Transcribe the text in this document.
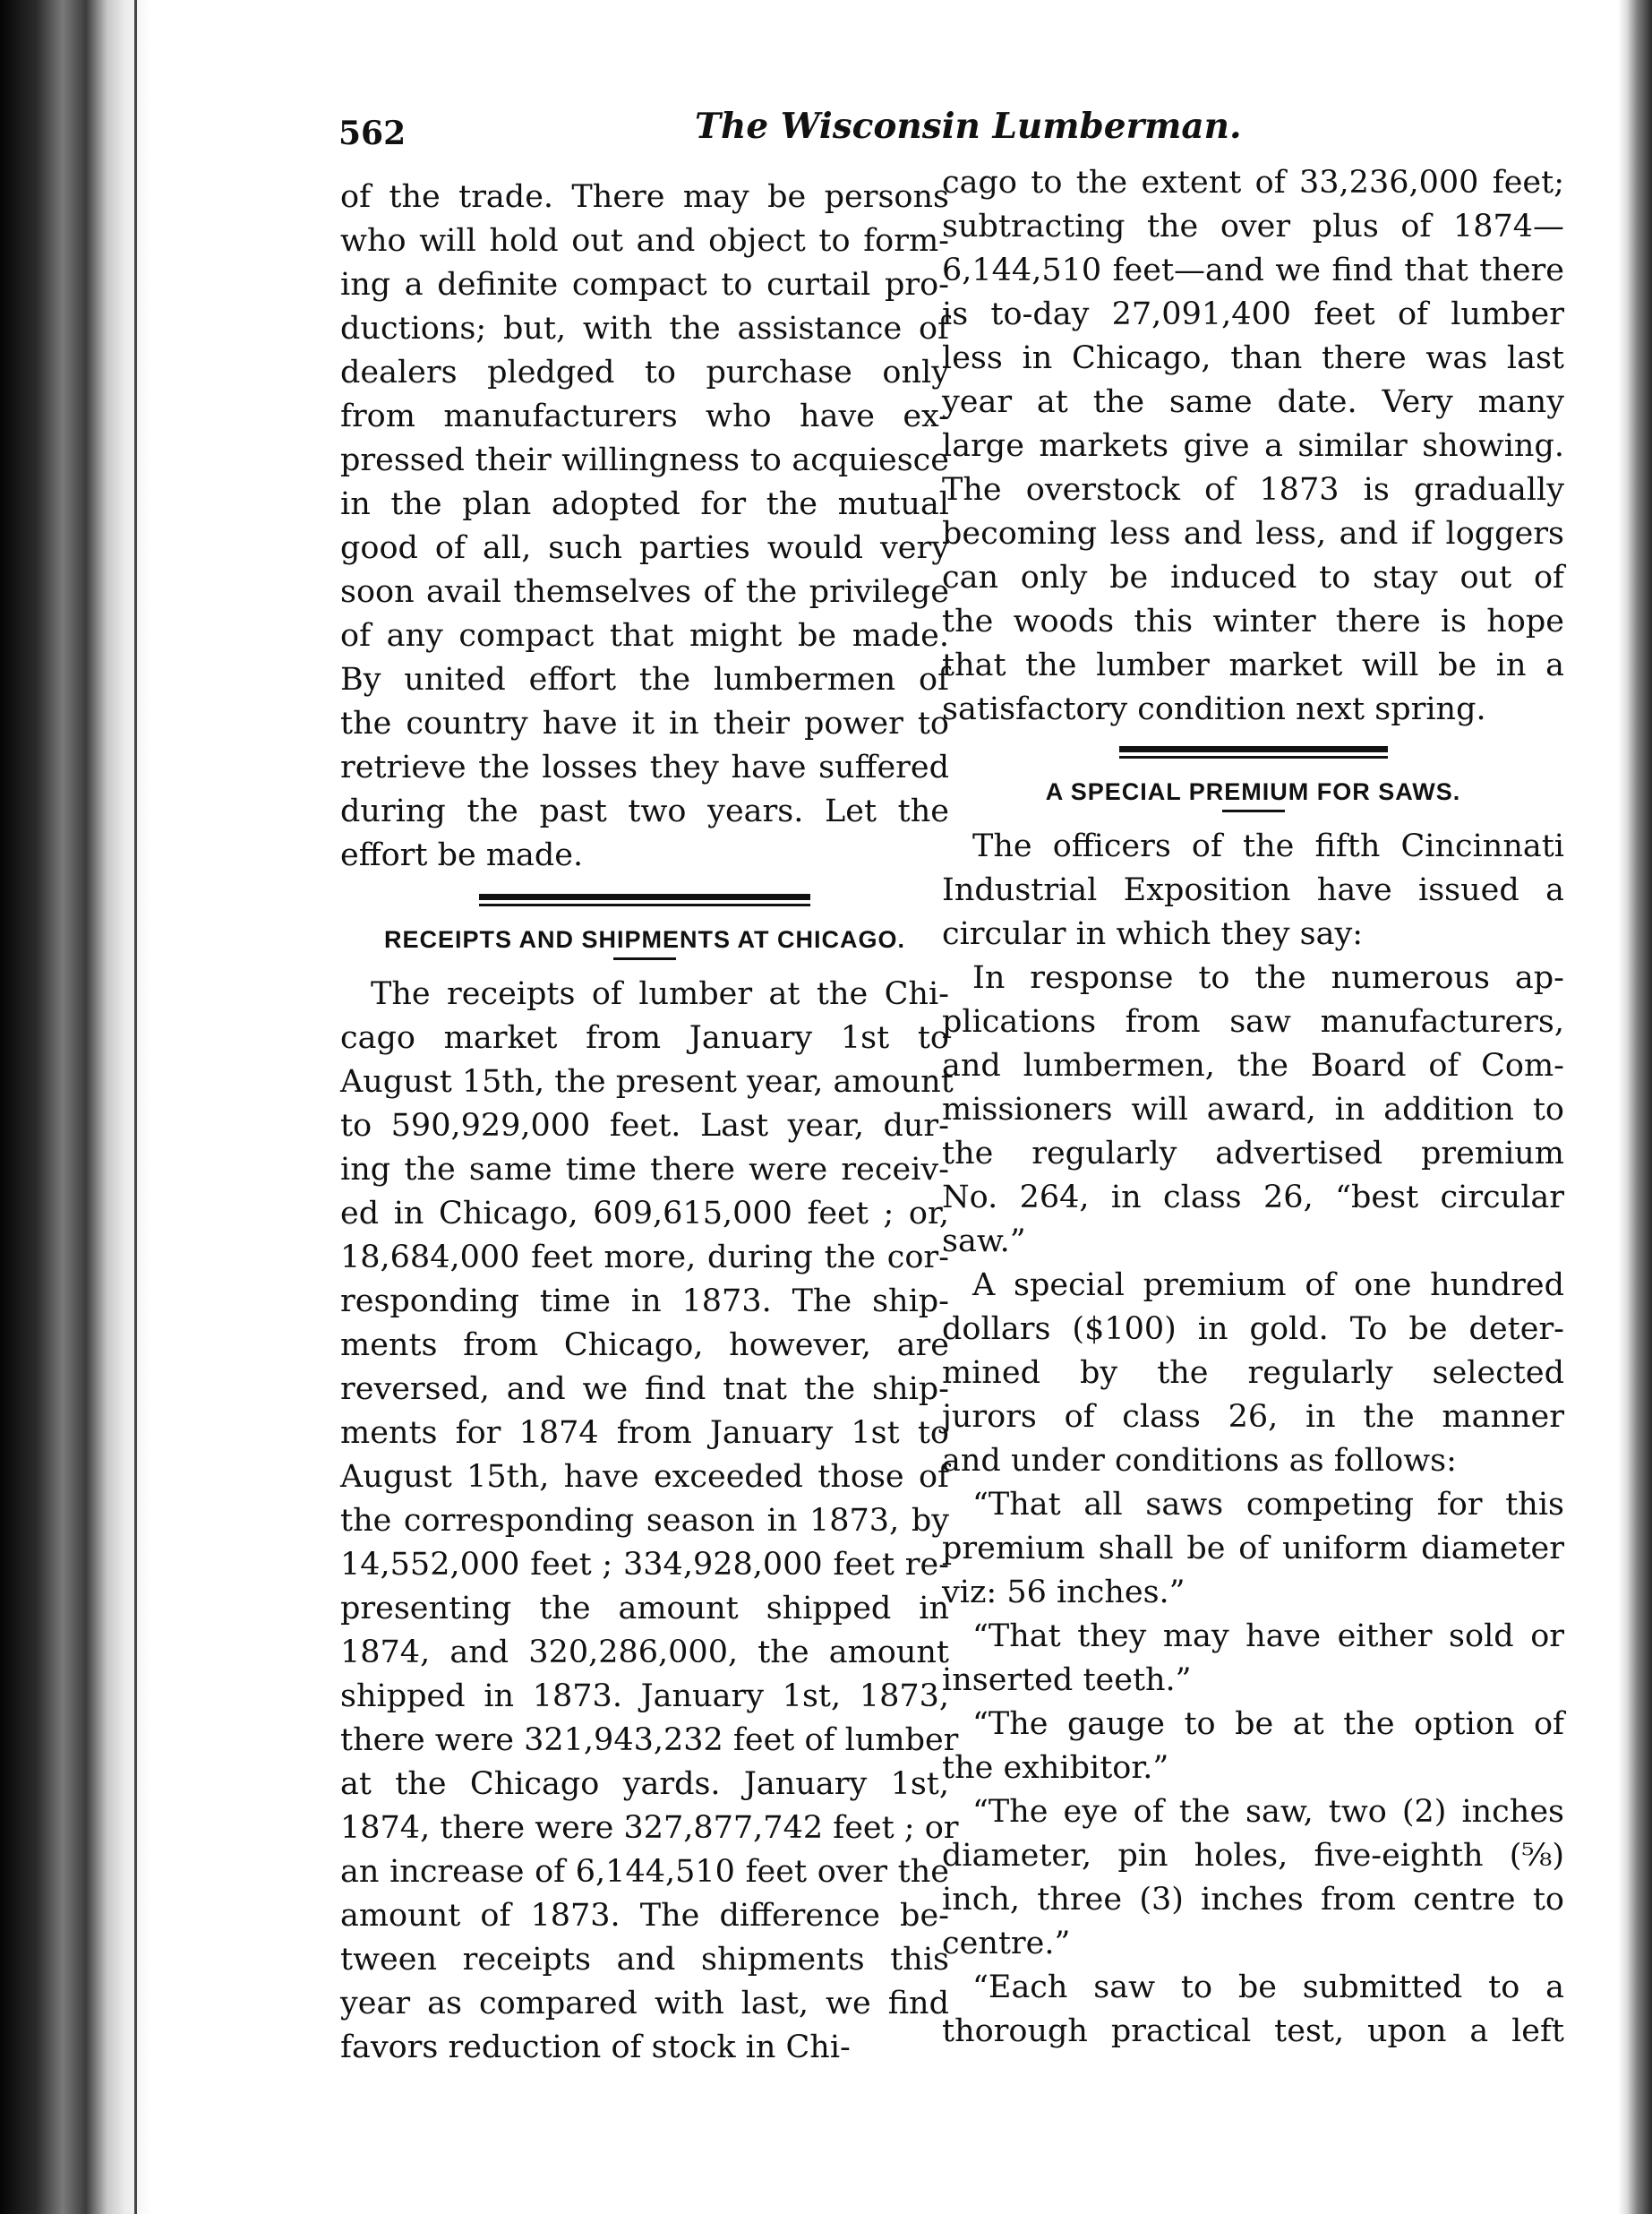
562	The Wisconsin Lumberman.
of the trade. There may be persons
who will hold out and object to form-
ing a definite compact to curtail pro-
ductions; but, with the assistance of
dealers pledged to purchase only
from manufacturers who have ex-
pressed their willingness to acquiesce
in the plan adopted for the mutual
good of all, such parties would very
soon avail themselves of the privilege
of any compact that might be made.
By united effort the lumbermen of
the country have it in their power to
retrieve the losses they have suffered
during the past two years. Let the
effort be made.
RECEIPTS AND SHIPMENTS AT CHICAGO.
The receipts of lumber at the Chi-
cago market from January 1st to
August 15th, the present year, amount
to 590,929,000 feet. Last year, dur-
ing the same time there were receiv-
ed in Chicago, 609,615,000 feet ; or,
18,684,000 feet more, during the cor-
responding time in 1873. The ship-
ments from Chicago, however, are
reversed, and we find tnat the ship-
ments for 1874 from January 1st to
August 15th, have exceeded those of
the corresponding season in 1873, by
14,552,000 feet ; 334,928,000 feet re-
presenting the amount shipped in
1874, and 320,286,000, the amount
shipped in 1873. January 1st, 1873,
there were 321,943,232 feet of lumber
at the Chicago yards. January 1st,
1874, there were 327,877,742 feet ; or
an increase of 6,144,510 feet over the
amount of 1873. The difference be-
tween receipts and shipments this
year as compared with last, we find
favors reduction of stock in Chi-
cago to the extent of 33,236,000 feet;
subtracting the over plus of 1874—
6,144,510 feet—and we find that there
is to-day 27,091,400 feet of lumber
less in Chicago, than there was last
year at the same date. Very many
large markets give a similar showing.
The overstock of 1873 is gradually
becoming less and less, and if loggers
can only be induced to stay out of
the woods this winter there is hope
that the lumber market will be in a
satisfactory condition next spring.
A SPECIAL PREMIUM FOR SAWS.
The officers of the fifth Cincinnati
Industrial Exposition have issued a
circular in which they say:
In response to the numerous ap-
plications from saw manufacturers,
and lumbermen, the Board of Com-
missioners will award, in addition to
the regularly advertised premium
No. 264, in class 26, “best circular
saw.”
A special premium of one hundred
dollars ($100) in gold. To be deter-
mined by the regularly selected
jurors of class 26, in the manner
and under conditions as follows:
“That all saws competing for this
premium shall be of uniform diameter
viz: 56 inches.”
“That they may have either sold or
inserted teeth.”
“The gauge to be at the option of
the exhibitor.”
“The eye of the saw, two (2) inches
diameter, pin holes, five-eighth (⅝)
inch, three (3) inches from centre to
centre.”
“Each saw to be submitted to a
thorough practical test, upon a left
